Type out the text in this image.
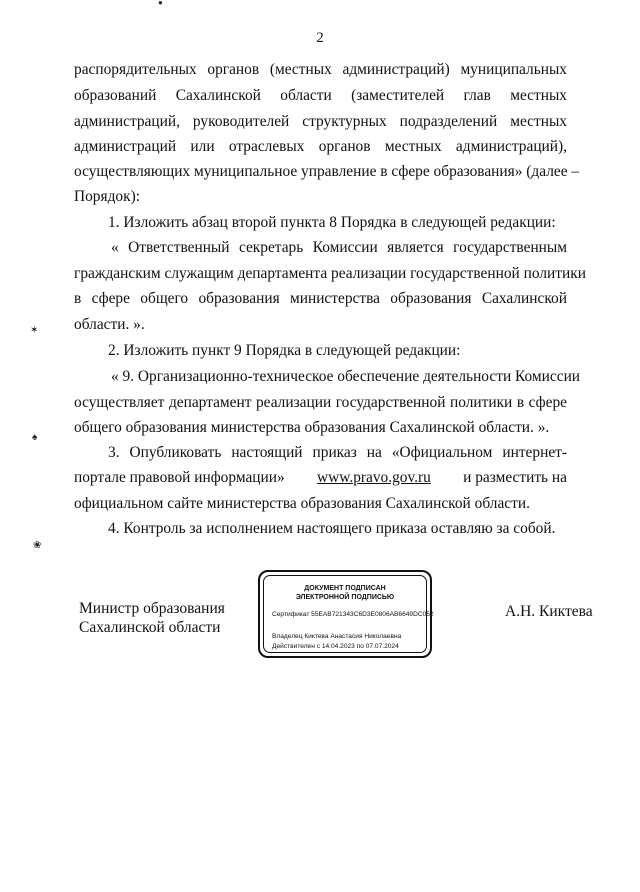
2
распорядительных органов (местных администраций) муниципальных
образований Сахалинской области (заместителей глав местных
администраций, руководителей структурных подразделений местных
администраций или отраслевых органов местных администраций),
осуществляющих муниципальное управление в сфере образования» (далее –
Порядок):
1. Изложить абзац второй пункта 8 Порядка в следующей редакции:
« Ответственный секретарь Комиссии является государственным
гражданским служащим департамента реализации государственной политики
в сфере общего образования министерства образования Сахалинской
области. ».
2. Изложить пункт 9 Порядка в следующей редакции:
« 9. Организационно-техническое обеспечение деятельности Комиссии
осуществляет департамент реализации государственной политики в сфере
общего образования министерства образования Сахалинской области. ».
3. Опубликовать настоящий приказ на «Официальном интернет-
портале правовой информации» www.pravo.gov.ru и разместить на
официальном сайте министерства образования Сахалинской области.
4. Контроль за исполнением настоящего приказа оставляю за собой.
Министр образования
Сахалинской области
ДОКУМЕНТ ПОДПИСАН
ЭЛЕКТРОННОЙ ПОДПИСЬЮ
Сертификат 55EAB721343C6D3E0806AB6649DC052
Владелец Киктева Анастасия Николаевна
Действителен с 14.04.2023 по 07.07.2024
А.Н. Киктева
✶
♠
❀
●
